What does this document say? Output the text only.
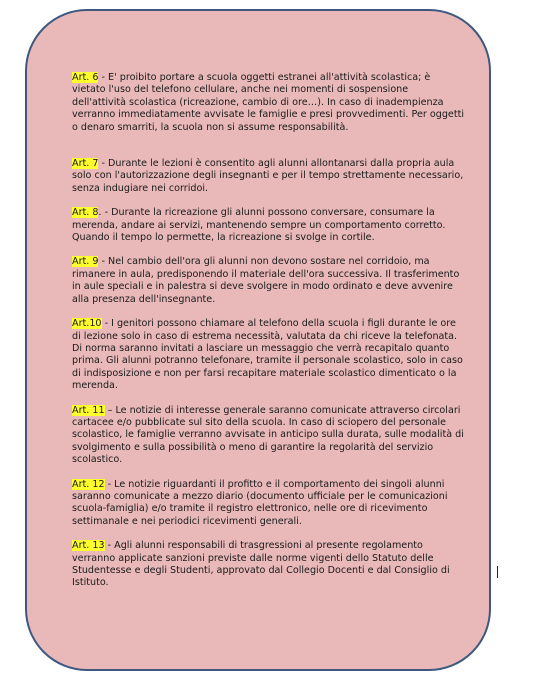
Art. 6 - E' proibito portare a scuola oggetti estranei all'attività scolastica; è vietato l'uso del telefono cellulare, anche nei momenti di sospensione dell'attività scolastica (ricreazione, cambio di ore…). In caso di inadempienza verranno immediatamente avvisate le famiglie e presi provvedimenti. Per oggetti o denaro smarriti, la scuola non si assume responsabilità.

Art. 7 - Durante le lezioni è consentito agli alunni allontanarsi dalla propria aula solo con l'autorizzazione degli insegnanti e per il tempo strettamente necessario, senza indugiare nei corridoi.

Art. 8. - Durante la ricreazione gli alunni possono conversare, consumare la merenda, andare ai servizi, mantenendo sempre un comportamento corretto. Quando il tempo lo permette, la ricreazione si svolge in cortile.

Art. 9 - Nel cambio dell'ora gli alunni non devono sostare nel corridoio, ma rimanere in aula, predisponendo il materiale dell'ora successiva. Il trasferimento in aule speciali e in palestra si deve svolgere in modo ordinato e deve avvenire alla presenza dell'insegnante.

Art.10 - I genitori possono chiamare al telefono della scuola i figli durante le ore di lezione solo in caso di estrema necessità, valutata da chi riceve la telefonata. Di norma saranno invitati a lasciare un messaggio che verrà recapitalo quanto prima. Gli alunni potranno telefonare, tramite il personale scolastico, solo in caso di indisposizione e non per farsi recapitare materiale scolastico dimenticato o la merenda.

Art. 11 – Le notizie di interesse generale saranno comunicate attraverso circolari cartacee e/o pubblicate sul sito della scuola. In caso di sciopero del personale scolastico, le famiglie verranno avvisate in anticipo sulla durata, sulle modalità di svolgimento e sulla possibilità o meno di garantire la regolarità del servizio scolastico.

Art. 12 - Le notizie riguardanti il profitto e il comportamento dei singoli alunni saranno comunicate a mezzo diario (documento ufficiale per le comunicazioni scuola-famiglia) e/o tramite il registro elettronico, nelle ore di ricevimento settimanale e nei periodici ricevimenti generali.

Art. 13 - Agli alunni responsabili di trasgressioni al presente regolamento verranno applicate sanzioni previste dalle norme vigenti dello Statuto delle Studentesse e degli Studenti, approvato dal Collegio Docenti e dal Consiglio di Istituto.
